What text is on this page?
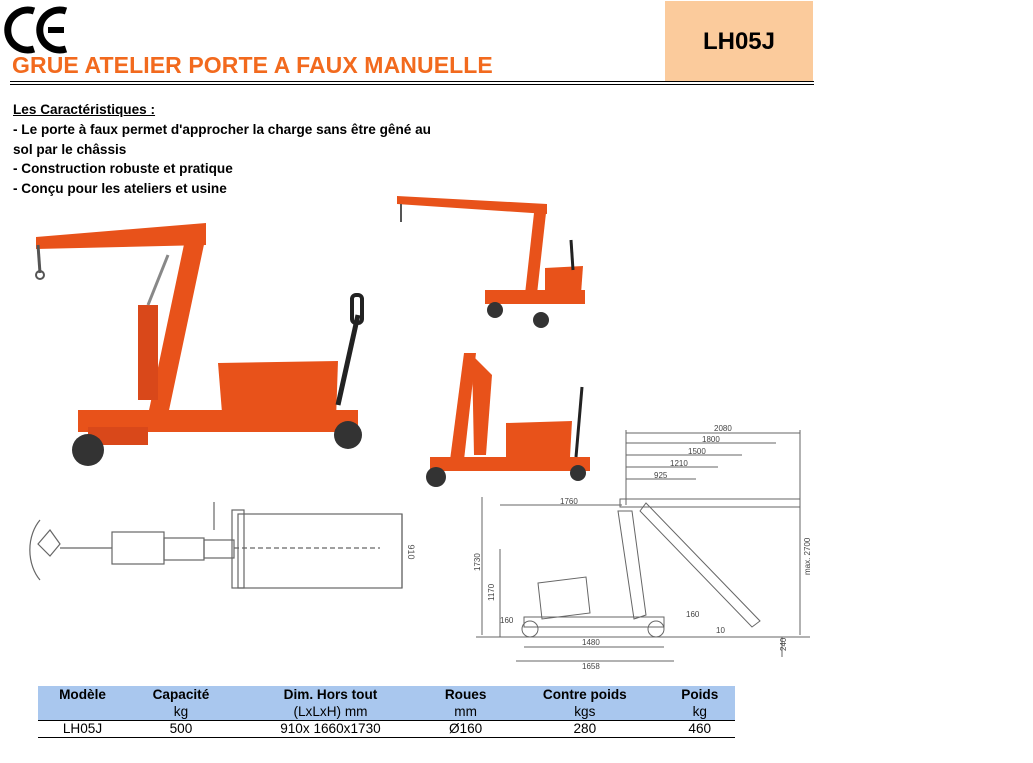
GRUE ATELIER PORTE A FAUX MANUELLE
LH05J
Les Caractéristiques :
- Le porte à faux permet d'approcher la charge sans être gêné au
sol par le châssis
- Construction robuste et pratique
- Conçu pour les ateliers et usine
910
2080
1800
1500
1210
925
1760
1730
1170
max. 2700
160
160
10
240
1480
1658
Modèle	Capacité	Dim. Hors tout	Roues	Contre poids	Poids
	kg	(LxLxH) mm	mm	kgs	kg
LH05J	500	910x 1660x1730	Ø160	280	460
